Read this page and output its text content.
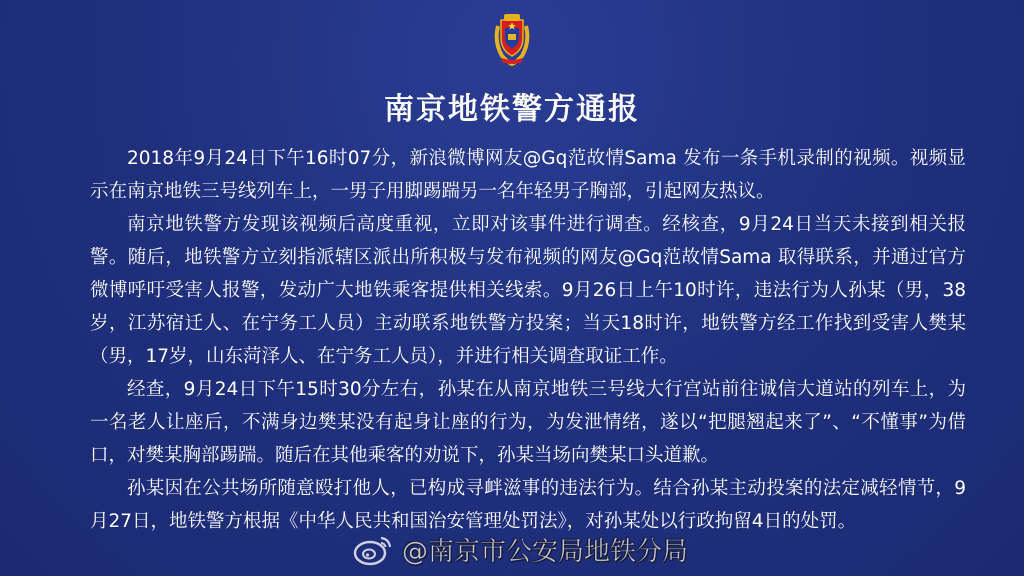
南京地铁警方通报

2018年9月24日下午16时07分，新浪微博网友@Gq范故情Sama 发布一条手机录制的视频。视频显示在南京地铁三号线列车上，一男子用脚踢踹另一名年轻男子胸部，引起网友热议。

南京地铁警方发现该视频后高度重视，立即对该事件进行调查。经核查，9月24日当天未接到相关报警。随后，地铁警方立刻指派辖区派出所积极与发布视频的网友@Gq范故情Sama 取得联系，并通过官方微博呼吁受害人报警，发动广大地铁乘客提供相关线索。9月26日上午10时许，违法行为人孙某（男，38岁，江苏宿迁人、在宁务工人员）主动联系地铁警方投案；当天18时许，地铁警方经工作找到受害人樊某（男，17岁，山东菏泽人、在宁务工人员），并进行相关调查取证工作。

经查，9月24日下午15时30分左右，孙某在从南京地铁三号线大行宫站前往诚信大道站的列车上，为一名老人让座后，不满身边樊某没有起身让座的行为，为发泄情绪，遂以“把腿翘起来了”、“不懂事”为借口，对樊某胸部踢踹。随后在其他乘客的劝说下，孙某当场向樊某口头道歉。

孙某因在公共场所随意殴打他人，已构成寻衅滋事的违法行为。结合孙某主动投案的法定减轻情节，9月27日，地铁警方根据《中华人民共和国治安管理处罚法》，对孙某处以行政拘留4日的处罚。

@南京市公安局地铁分局
